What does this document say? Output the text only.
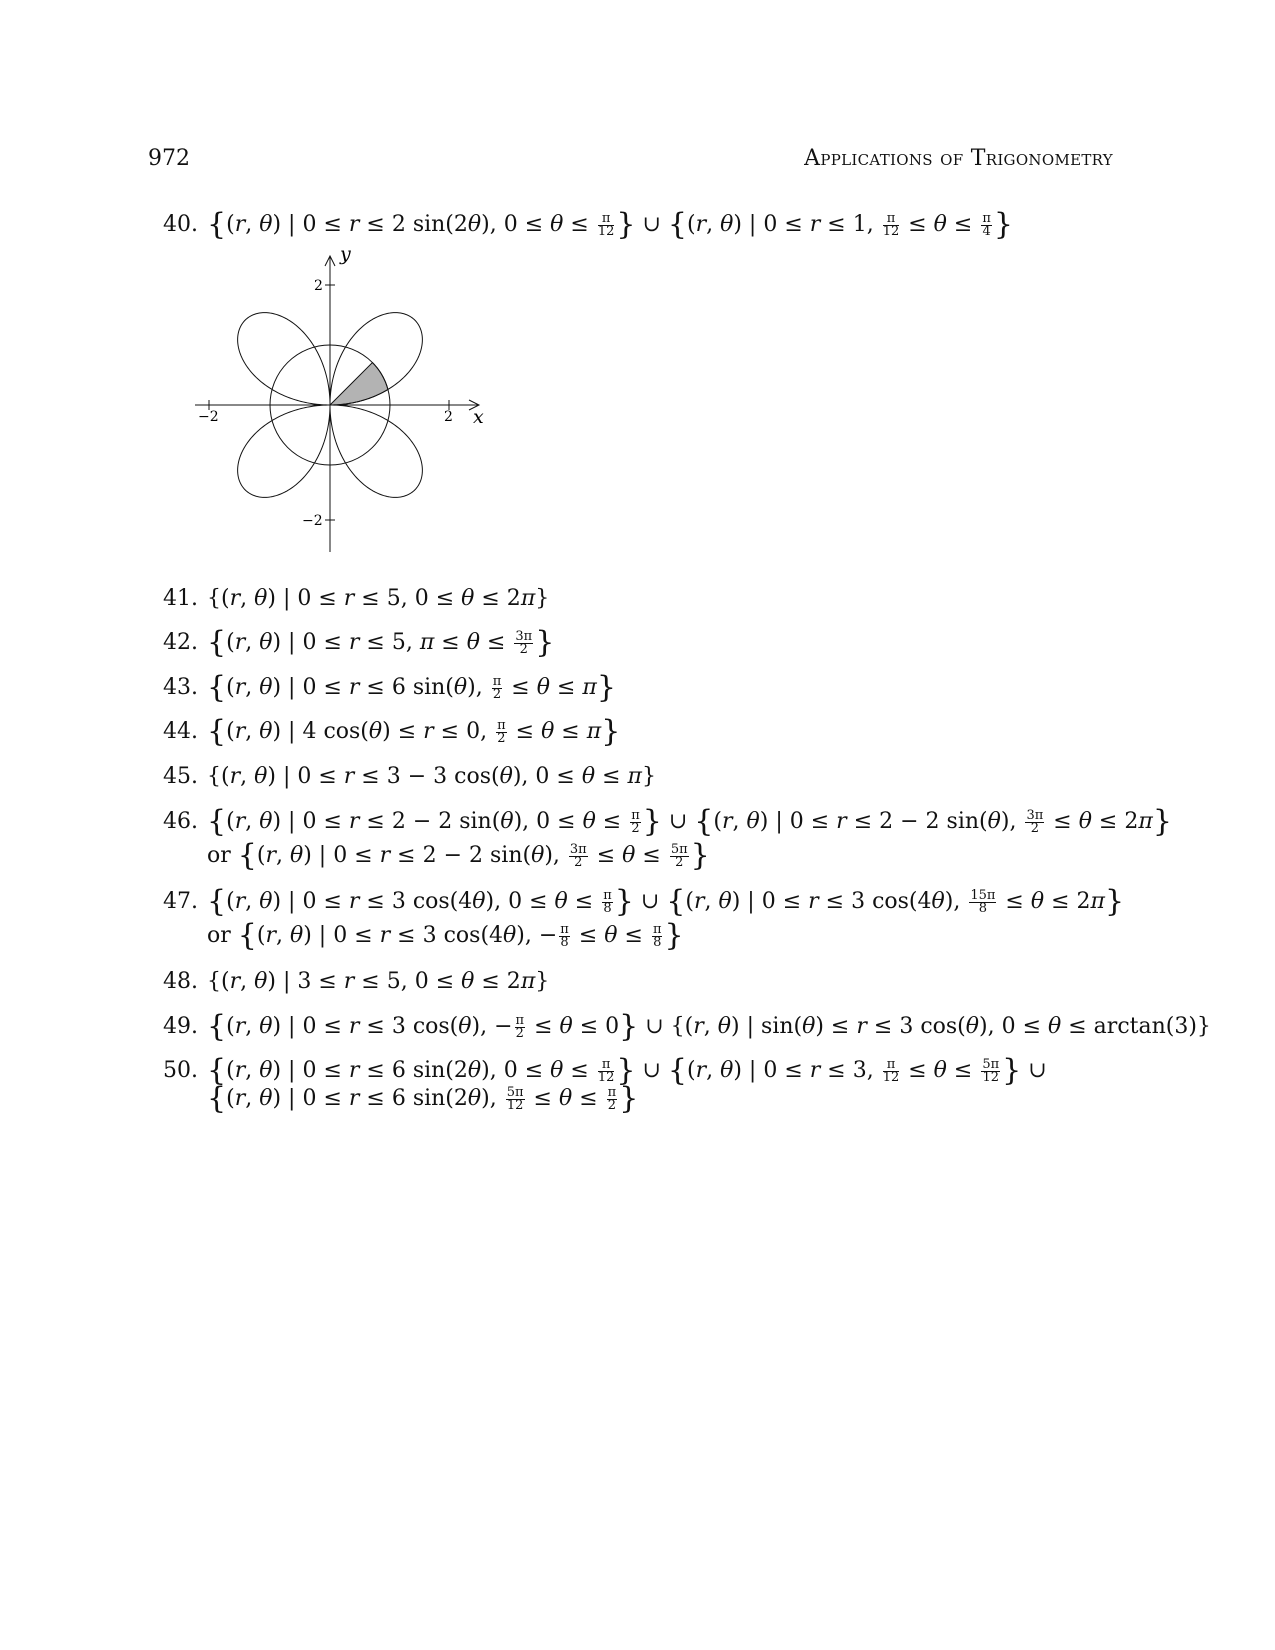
972	Applications of Trigonometry
40. {(r, θ) | 0 ≤ r ≤ 2 sin(2θ), $0 \le \theta \le \frac{\pi}{12}$ } ∪ {(r, θ) | 0 ≤ r ≤ 1, $\frac{\pi}{12} \le \theta \le \frac{\pi}{4}$ }
−2	2
2
−2
x
y
41. {(r, θ) | 0 ≤ r ≤ 5, 0 ≤ θ ≤ 2π}
42. {(r, θ) | 0 ≤ r ≤ 5, $\pi \le \theta \le \frac{3\pi}{2}$ }
43. {(r, θ) | 0 ≤ r ≤ 6 sin(θ), $\frac{\pi}{2} \le \theta \le \pi$}
44. {(r, θ) | 4 cos(θ) ≤ r ≤ 0, $\frac{\pi}{2} \le \theta \le \pi$}
45. {(r, θ) | 0 ≤ r ≤ 3 − 3 cos(θ), 0 ≤ θ ≤ π}
46. {(r, θ) | 0 ≤ r ≤ 2 − 2 sin(θ), $0 \le \theta \le \frac{\pi}{2}$ } ∪ {(r, θ) | 0 ≤ r ≤ 2 − 2 sin(θ), $\frac{3\pi}{2} \le \theta \le 2\pi$}
or {(r, θ) | 0 ≤ r ≤ 2 − 2 sin(θ), $\frac{3\pi}{2} \le \theta \le \frac{5\pi}{2}$ }
47. {(r, θ) | 0 ≤ r ≤ 3 cos(4θ), $0 \le \theta \le \frac{\pi}{8}$ } ∪ {(r, θ) | 0 ≤ r ≤ 3 cos(4θ), $\frac{15\pi}{8} \le \theta \le 2\pi$}
or {(r, θ) | 0 ≤ r ≤ 3 cos(4θ), − $\frac{\pi}{8} \le \theta \le \frac{\pi}{8}$ }
48. {(r, θ) | 3 ≤ r ≤ 5, 0 ≤ θ ≤ 2π}
49. {(r, θ) | 0 ≤ r ≤ 3 cos(θ), − $\frac{\pi}{2} \le \theta \le 0$} ∪ {(r, θ) | sin(θ) ≤ r ≤ 3 cos(θ), 0 ≤ θ ≤ arctan(3)}
50. {(r, θ) | 0 ≤ r ≤ 6 sin(2θ), $0 \le \theta \le \frac{\pi}{12}$ } ∪ {(r, θ) | 0 ≤ r ≤ 3, $\frac{\pi}{12} \le \theta \le \frac{5\pi}{12}$ } ∪
{(r, θ) | 0 ≤ r ≤ 6 sin(2θ), $\frac{5\pi}{12} \le \theta \le \frac{\pi}{2}$ }
